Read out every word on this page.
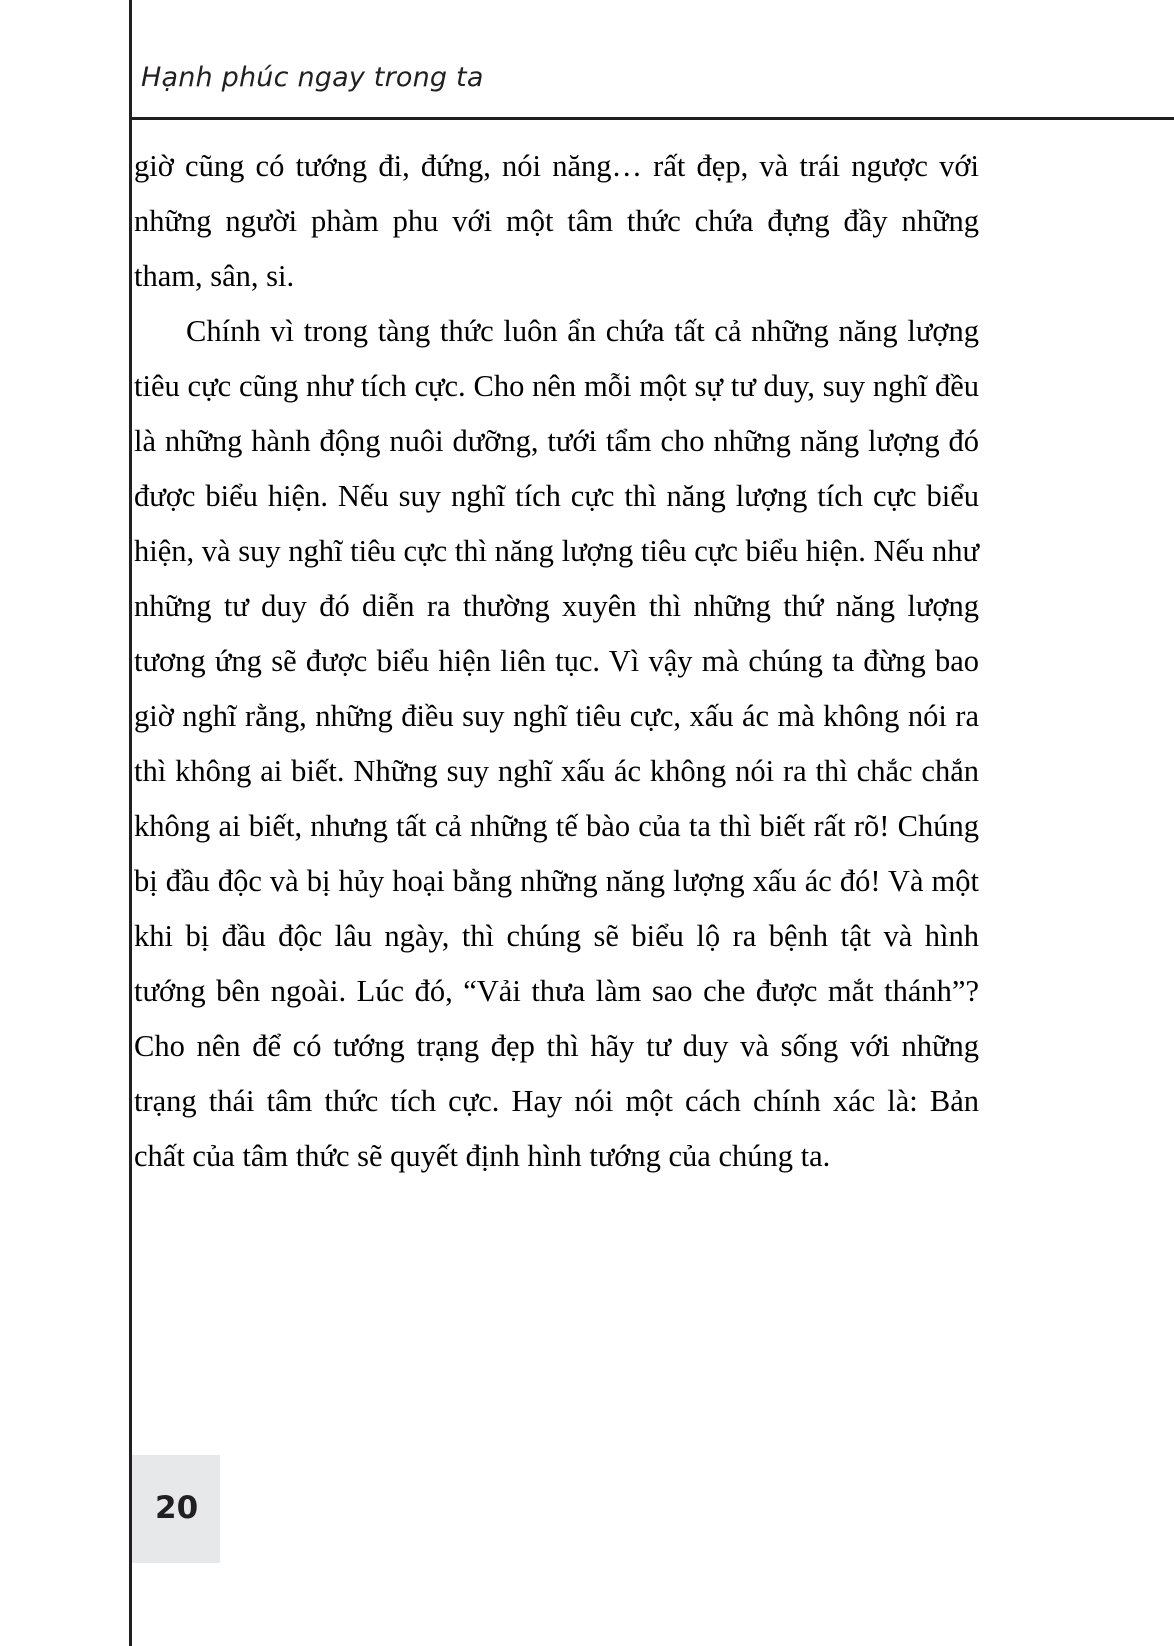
Hạnh phúc ngay trong ta

giờ cũng có tướng đi, đứng, nói năng… rất đẹp, và trái ngược với những người phàm phu với một tâm thức chứa đựng đầy những tham, sân, si.

Chính vì trong tàng thức luôn ẩn chứa tất cả những năng lượng tiêu cực cũng như tích cực. Cho nên mỗi một sự tư duy, suy nghĩ đều là những hành động nuôi dưỡng, tưới tẩm cho những năng lượng đó được biểu hiện. Nếu suy nghĩ tích cực thì năng lượng tích cực biểu hiện, và suy nghĩ tiêu cực thì năng lượng tiêu cực biểu hiện. Nếu như những tư duy đó diễn ra thường xuyên thì những thứ năng lượng tương ứng sẽ được biểu hiện liên tục. Vì vậy mà chúng ta đừng bao giờ nghĩ rằng, những điều suy nghĩ tiêu cực, xấu ác mà không nói ra thì không ai biết. Những suy nghĩ xấu ác không nói ra thì chắc chắn không ai biết, nhưng tất cả những tế bào của ta thì biết rất rõ! Chúng bị đầu độc và bị hủy hoại bằng những năng lượng xấu ác đó! Và một khi bị đầu độc lâu ngày, thì chúng sẽ biểu lộ ra bệnh tật và hình tướng bên ngoài. Lúc đó, “Vải thưa làm sao che được mắt thánh”? Cho nên để có tướng trạng đẹp thì hãy tư duy và sống với những trạng thái tâm thức tích cực. Hay nói một cách chính xác là: Bản chất của tâm thức sẽ quyết định hình tướng của chúng ta.

20
